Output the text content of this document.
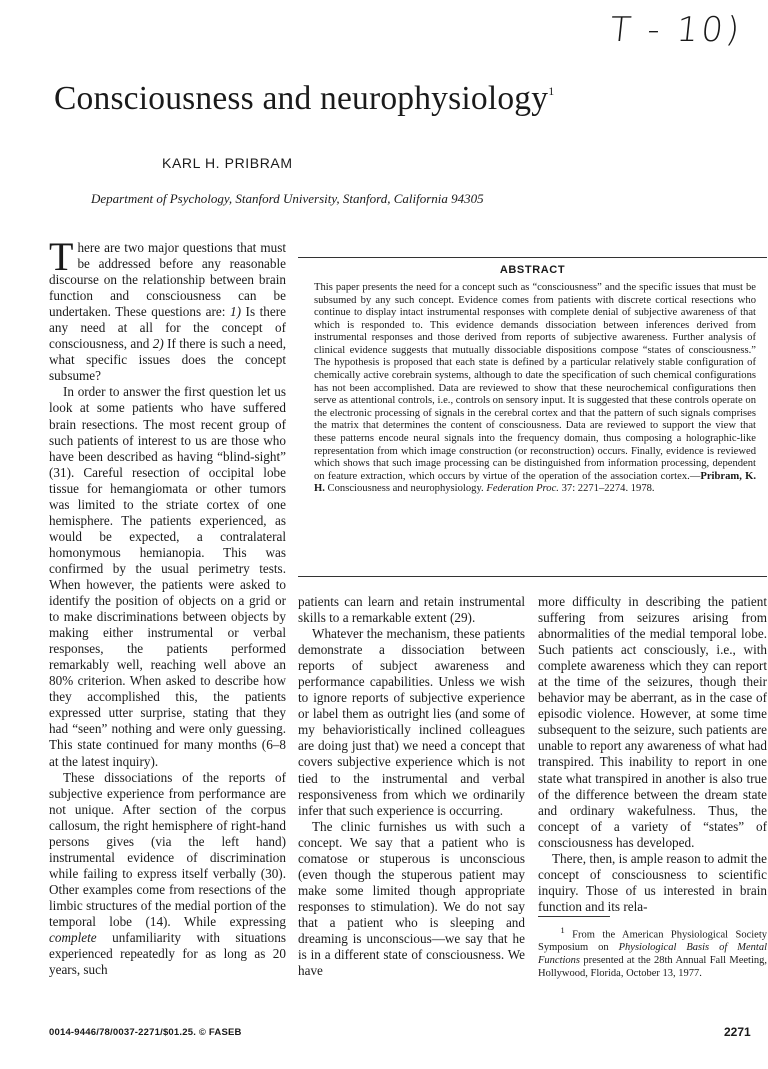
T - 10)
Consciousness and neurophysiology$^1$
KARL H. PRIBRAM
Department of Psychology, Stanford University, Stanford, California 94305

There are two major questions that must be addressed before any reasonable discourse on the relationship between brain function and consciousness can be undertaken. These questions are: 1) Is there any need at all for the concept of consciousness, and 2) If there is such a need, what specific issues does the concept subsume?

In order to answer the first question let us look at some patients who have suffered brain resections. The most recent group of such patients of interest to us are those who have been described as having “blind-sight” (31). Careful resection of occipital lobe tissue for hemangiomata or other tumors was limited to the striate cortex of one hemisphere. The patients experienced, as would be expected, a contralateral homonymous hemianopia. This was confirmed by the usual perimetry tests. When however, the patients were asked to identify the position of objects on a grid or to make discriminations between objects by making either instrumental or verbal responses, the patients performed remarkably well, reaching well above an 80% criterion. When asked to describe how they accomplished this, the patients expressed utter surprise, stating that they had “seen” nothing and were only guessing. This state continued for many months (6–8 at the latest inquiry).

These dissociations of the reports of subjective experience from performance are not unique. After section of the corpus callosum, the right hemisphere of right-hand persons gives (via the left hand) instrumental evidence of discrimination while failing to express itself verbally (30). Other examples come from resections of the limbic structures of the medial portion of the temporal lobe (14). While expressing complete unfamiliarity with situations experienced repeatedly for as long as 20 years, such

ABSTRACT
This paper presents the need for a concept such as “consciousness” and the specific issues that must be subsumed by any such concept. Evidence comes from patients with discrete cortical resections who continue to display intact instrumental responses with complete denial of subjective awareness of that which is responded to. This evidence demands dissociation between inferences derived from instrumental responses and those derived from reports of subjective awareness. Further analysis of clinical evidence suggests that mutually dissociable dispositions compose “states of consciousness.” The hypothesis is proposed that each state is defined by a particular relatively stable configuration of chemically active corebrain systems, although to date the specification of such chemical configurations has not been accomplished. Data are reviewed to show that these neurochemical configurations then serve as attentional controls, i.e., controls on sensory input. It is suggested that these controls operate on the electronic processing of signals in the cerebral cortex and that the pattern of such signals comprises the matrix that determines the content of consciousness. Data are reviewed to support the view that these patterns encode neural signals into the frequency domain, thus composing a holographic-like representation from which image construction (or reconstruction) occurs. Finally, evidence is reviewed which shows that such image processing can be distinguished from information processing, dependent on feature extraction, which occurs by virtue of the operation of the association cortex.—Pribram, K. H. Consciousness and neurophysiology. Federation Proc. 37: 2271–2274. 1978.

patients can learn and retain instrumental skills to a remarkable extent (29).

Whatever the mechanism, these patients demonstrate a dissociation between reports of subject awareness and performance capabilities. Unless we wish to ignore reports of subjective experience or label them as outright lies (and some of my behavioristically inclined colleagues are doing just that) we need a concept that covers subjective experience which is not tied to the instrumental and verbal responsiveness from which we ordinarily infer that such experience is occurring.

The clinic furnishes us with such a concept. We say that a patient who is comatose or stuperous is unconscious (even though the stuperous patient may make some limited though appropriate responses to stimulation). We do not say that a patient who is sleeping and dreaming is unconscious—we say that he is in a different state of consciousness. We have

more difficulty in describing the patient suffering from seizures arising from abnormalities of the medial temporal lobe. Such patients act consciously, i.e., with complete awareness which they can report at the time of the seizures, though their behavior may be aberrant, as in the case of episodic violence. However, at some time subsequent to the seizure, such patients are unable to report any awareness of what had transpired. This inability to report in one state what transpired in another is also true of the difference between the dream state and ordinary wakefulness. Thus, the concept of a variety of “states” of consciousness has developed.

There, then, is ample reason to admit the concept of consciousness to scientific inquiry. Those of us interested in brain function and its rela-

$^1$ From the American Physiological Society Symposium on Physiological Basis of Mental Functions presented at the 28th Annual Fall Meeting, Hollywood, Florida, October 13, 1977.
0014-9446/78/0037-2271/$01.25. © FASEB	2271
